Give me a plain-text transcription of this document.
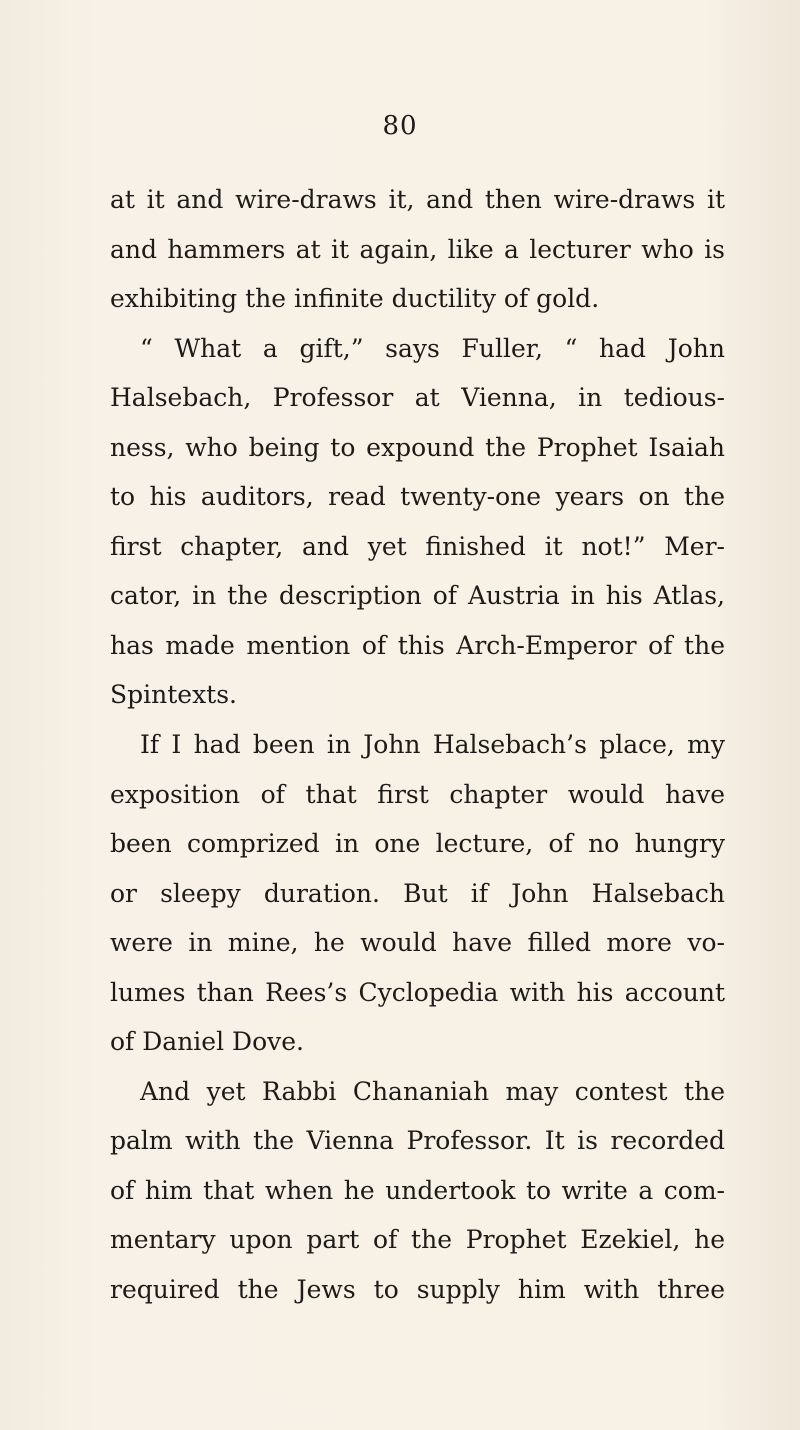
80
at it and wire-draws it, and then wire-draws it
and hammers at it again, like a lecturer who is
exhibiting the infinite ductility of gold.
“ What a gift,” says Fuller, “ had John
Halsebach, Professor at Vienna, in tedious-
ness, who being to expound the Prophet Isaiah
to his auditors, read twenty-one years on the
first chapter, and yet finished it not!” Mer-
cator, in the description of Austria in his Atlas,
has made mention of this Arch-Emperor of the
Spintexts.
If I had been in John Halsebach’s place, my
exposition of that first chapter would have
been comprized in one lecture, of no hungry
or sleepy duration. But if John Halsebach
were in mine, he would have filled more vo-
lumes than Rees’s Cyclopedia with his account
of Daniel Dove.
And yet Rabbi Chananiah may contest the
palm with the Vienna Professor. It is recorded
of him that when he undertook to write a com-
mentary upon part of the Prophet Ezekiel, he
required the Jews to supply him with three
